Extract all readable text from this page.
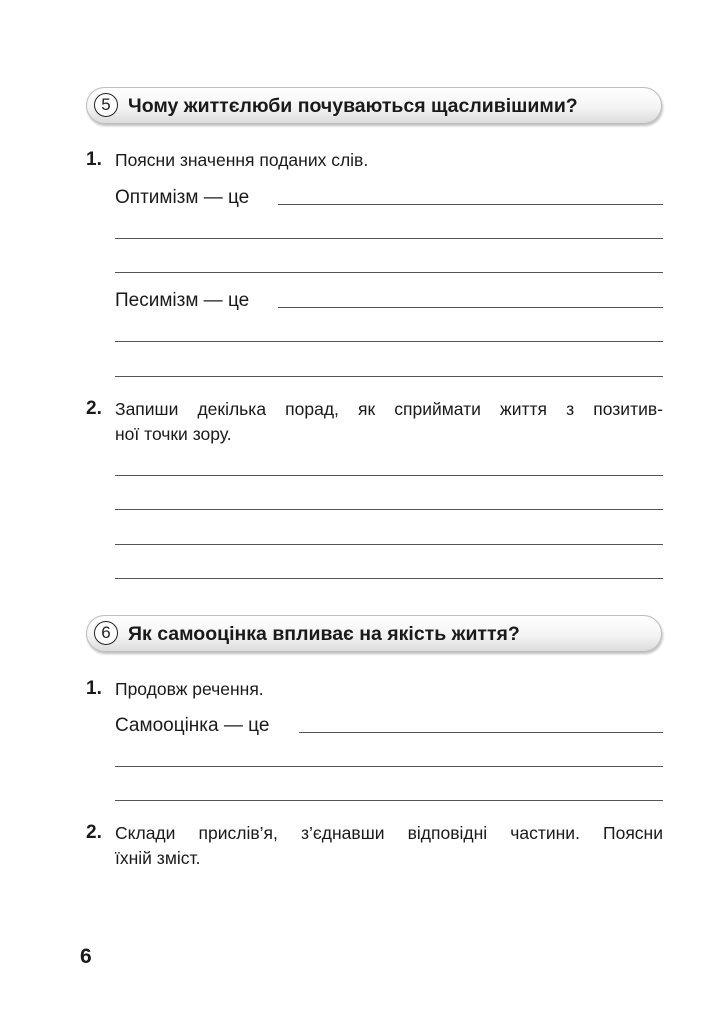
5 Чому життєлюби почуваються щасливішими?
1. Поясни значення поданих слів.
Оптимізм — це
Песимізм — це
2. Запиши декілька порад, як сприймати життя з позитив-
ної точки зору.
6 Як самооцінка впливає на якість життя?
1. Продовж речення.
Самооцінка — це
2. Склади прислів’я, з’єднавши відповідні частини. Поясни
їхній зміст.
6
